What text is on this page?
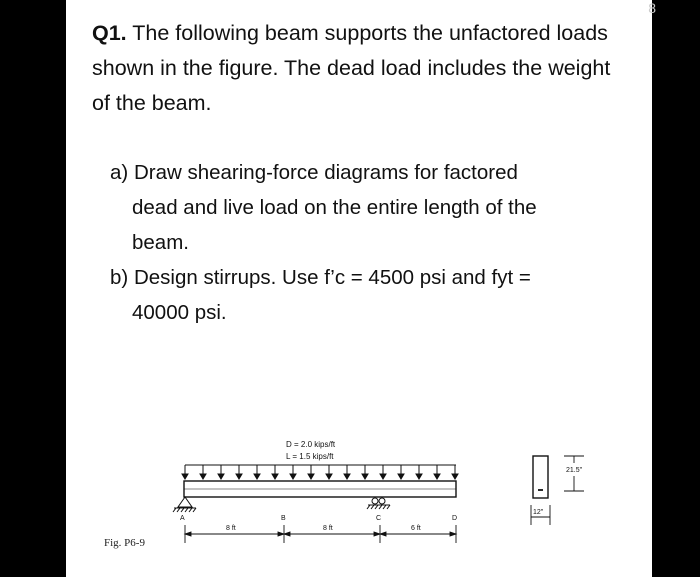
8
Q1. The following beam supports the unfactored loads shown in the figure. The dead load includes the weight of the beam.
a) Draw shearing-force diagrams for factored
dead and live load on the entire length of the
beam.
b) Design stirrups. Use f’c = 4500 psi and fyt =
40000 psi.
Fig. P6-9
D = 2.0 kips/ft
L = 1.5 kips/ft
A	B	C	D
8 ft	8 ft	6 ft
21.5"
12"
